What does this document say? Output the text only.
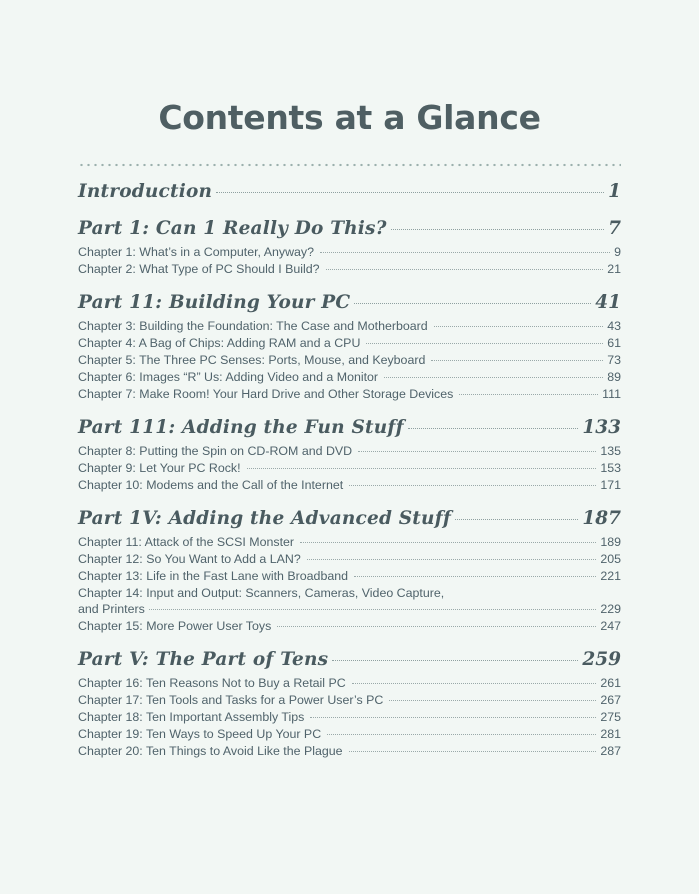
Contents at a Glance
Introduction	1
Part 1: Can 1 Really Do This?	7
Chapter 1: What’s in a Computer, Anyway?	9
Chapter 2: What Type of PC Should I Build?	21
Part 11: Building Your PC	41
Chapter 3: Building the Foundation: The Case and Motherboard	43
Chapter 4: A Bag of Chips: Adding RAM and a CPU	61
Chapter 5: The Three PC Senses: Ports, Mouse, and Keyboard	73
Chapter 6: Images “R” Us: Adding Video and a Monitor	89
Chapter 7: Make Room! Your Hard Drive and Other Storage Devices	111
Part 111: Adding the Fun Stuff	133
Chapter 8: Putting the Spin on CD-ROM and DVD	135
Chapter 9: Let Your PC Rock!	153
Chapter 10: Modems and the Call of the Internet	171
Part 1V: Adding the Advanced Stuff	187
Chapter 11: Attack of the SCSI Monster	189
Chapter 12: So You Want to Add a LAN?	205
Chapter 13: Life in the Fast Lane with Broadband	221
Chapter 14: Input and Output: Scanners, Cameras, Video Capture,
and Printers	229
Chapter 15: More Power User Toys	247
Part V: The Part of Tens	259
Chapter 16: Ten Reasons Not to Buy a Retail PC	261
Chapter 17: Ten Tools and Tasks for a Power User’s PC	267
Chapter 18: Ten Important Assembly Tips	275
Chapter 19: Ten Ways to Speed Up Your PC	281
Chapter 20: Ten Things to Avoid Like the Plague	287
